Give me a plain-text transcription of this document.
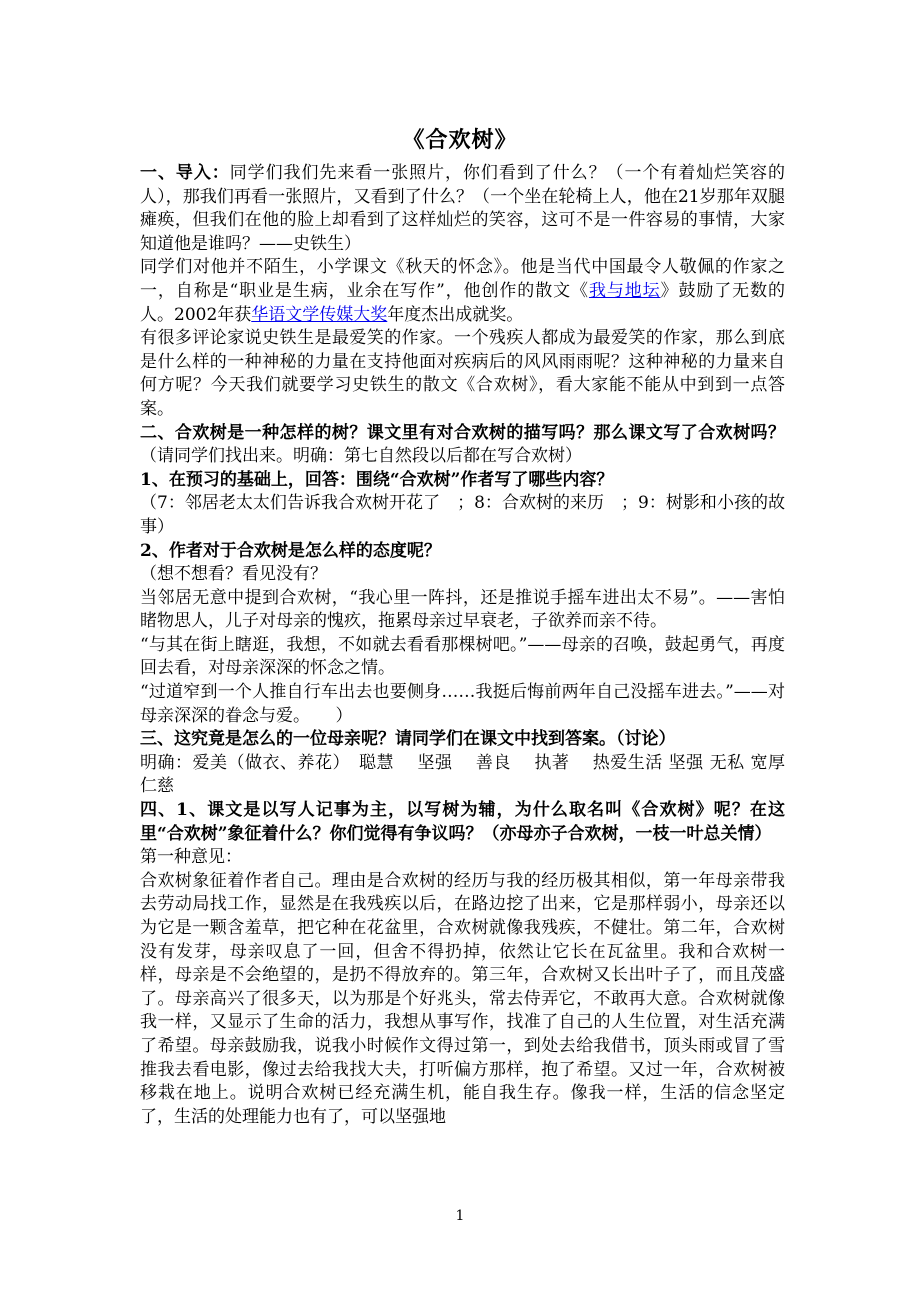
《合欢树》

一、导入：同学们我们先来看一张照片，你们看到了什么？（一个有着灿烂笑容的人），那我们再看一张照片，又看到了什么？（一个坐在轮椅上人，他在21岁那年双腿瘫痪，但我们在他的脸上却看到了这样灿烂的笑容，这可不是一件容易的事情，大家知道他是谁吗？——史铁生）

同学们对他并不陌生，小学课文《秋天的怀念》。他是当代中国最令人敬佩的作家之一，自称是“职业是生病，业余在写作”，他创作的散文《我与地坛》鼓励了无数的人。2002年获华语文学传媒大奖年度杰出成就奖。

有很多评论家说史铁生是最爱笑的作家。一个残疾人都成为最爱笑的作家，那么到底是什么样的一种神秘的力量在支持他面对疾病后的风风雨雨呢？这种神秘的力量来自何方呢？今天我们就要学习史铁生的散文《合欢树》，看大家能不能从中到到一点答案。

二、合欢树是一种怎样的树？课文里有对合欢树的描写吗？那么课文写了合欢树吗？（请同学们找出来。明确：第七自然段以后都在写合欢树）

1、在预习的基础上，回答：围绕“合欢树”作者写了哪些内容？

（7：邻居老太太们告诉我合欢树开花了　；8：合欢树的来历　；9：树影和小孩的故事）

2、作者对于合欢树是怎么样的态度呢？

（想不想看？看见没有？

当邻居无意中提到合欢树，“我心里一阵抖，还是推说手摇车进出太不易”。——害怕睹物思人，儿子对母亲的愧疚，拖累母亲过早衰老，子欲养而亲不待。

“与其在街上瞎逛，我想，不如就去看看那棵树吧。”——母亲的召唤，鼓起勇气，再度回去看，对母亲深深的怀念之情。

“过道窄到一个人推自行车出去也要侧身……我挺后悔前两年自己没摇车进去。”——对母亲深深的眷念与爱。　　）

三、这究竟是怎么的一位母亲呢？请同学们在课文中找到答案。（讨论）

明确：爱美（做衣、养花）　聪慧　 坚强　 善良　 执著　 热爱生活 坚强 无私 宽厚 仁慈

四、1、课文是以写人记事为主，以写树为辅，为什么取名叫《合欢树》呢？在这里“合欢树”象征着什么？你们觉得有争议吗？（亦母亦子合欢树，一枝一叶总关情）

第一种意见：

合欢树象征着作者自己。理由是合欢树的经历与我的经历极其相似，第一年母亲带我去劳动局找工作，显然是在我残疾以后，在路边挖了出来，它是那样弱小，母亲还以为它是一颗含羞草，把它种在花盆里，合欢树就像我残疾，不健壮。第二年，合欢树没有发芽，母亲叹息了一回，但舍不得扔掉，依然让它长在瓦盆里。我和合欢树一样，母亲是不会绝望的，是扔不得放弃的。第三年，合欢树又长出叶子了，而且茂盛了。母亲高兴了很多天，以为那是个好兆头，常去侍弄它，不敢再大意。合欢树就像我一样，又显示了生命的活力，我想从事写作，找准了自己的人生位置，对生活充满了希望。母亲鼓励我，说我小时候作文得过第一，到处去给我借书，顶头雨或冒了雪推我去看电影，像过去给我找大夫，打听偏方那样，抱了希望。又过一年，合欢树被移栽在地上。说明合欢树已经充满生机，能自我生存。像我一样，生活的信念坚定了，生活的处理能力也有了，可以坚强地

1
